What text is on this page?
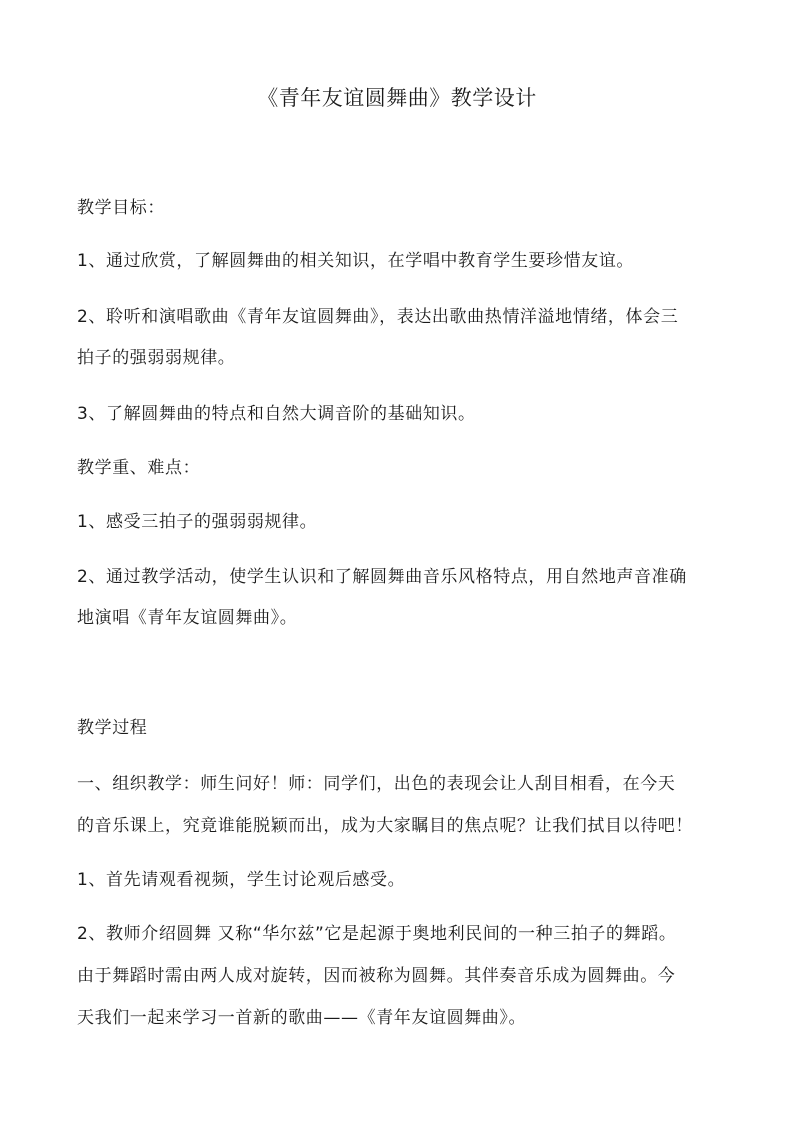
《青年友谊圆舞曲》教学设计
教学目标：
1、通过欣赏，了解圆舞曲的相关知识，在学唱中教育学生要珍惜友谊。
2、聆听和演唱歌曲《青年友谊圆舞曲》，表达出歌曲热情洋溢地情绪，体会三
拍子的强弱弱规律。
3、了解圆舞曲的特点和自然大调音阶的基础知识。
教学重、难点：
1、感受三拍子的强弱弱规律。
2、通过教学活动，使学生认识和了解圆舞曲音乐风格特点，用自然地声音准确
地演唱《青年友谊圆舞曲》。
教学过程
一、组织教学：师生问好！师：同学们，出色的表现会让人刮目相看，在今天
的音乐课上，究竟谁能脱颖而出，成为大家瞩目的焦点呢？让我们拭目以待吧！
1、首先请观看视频，学生讨论观后感受。
2、教师介绍圆舞 又称“华尔兹”它是起源于奥地利民间的一种三拍子的舞蹈。
由于舞蹈时需由两人成对旋转，因而被称为圆舞。其伴奏音乐成为圆舞曲。今
天我们一起来学习一首新的歌曲——《青年友谊圆舞曲》。
